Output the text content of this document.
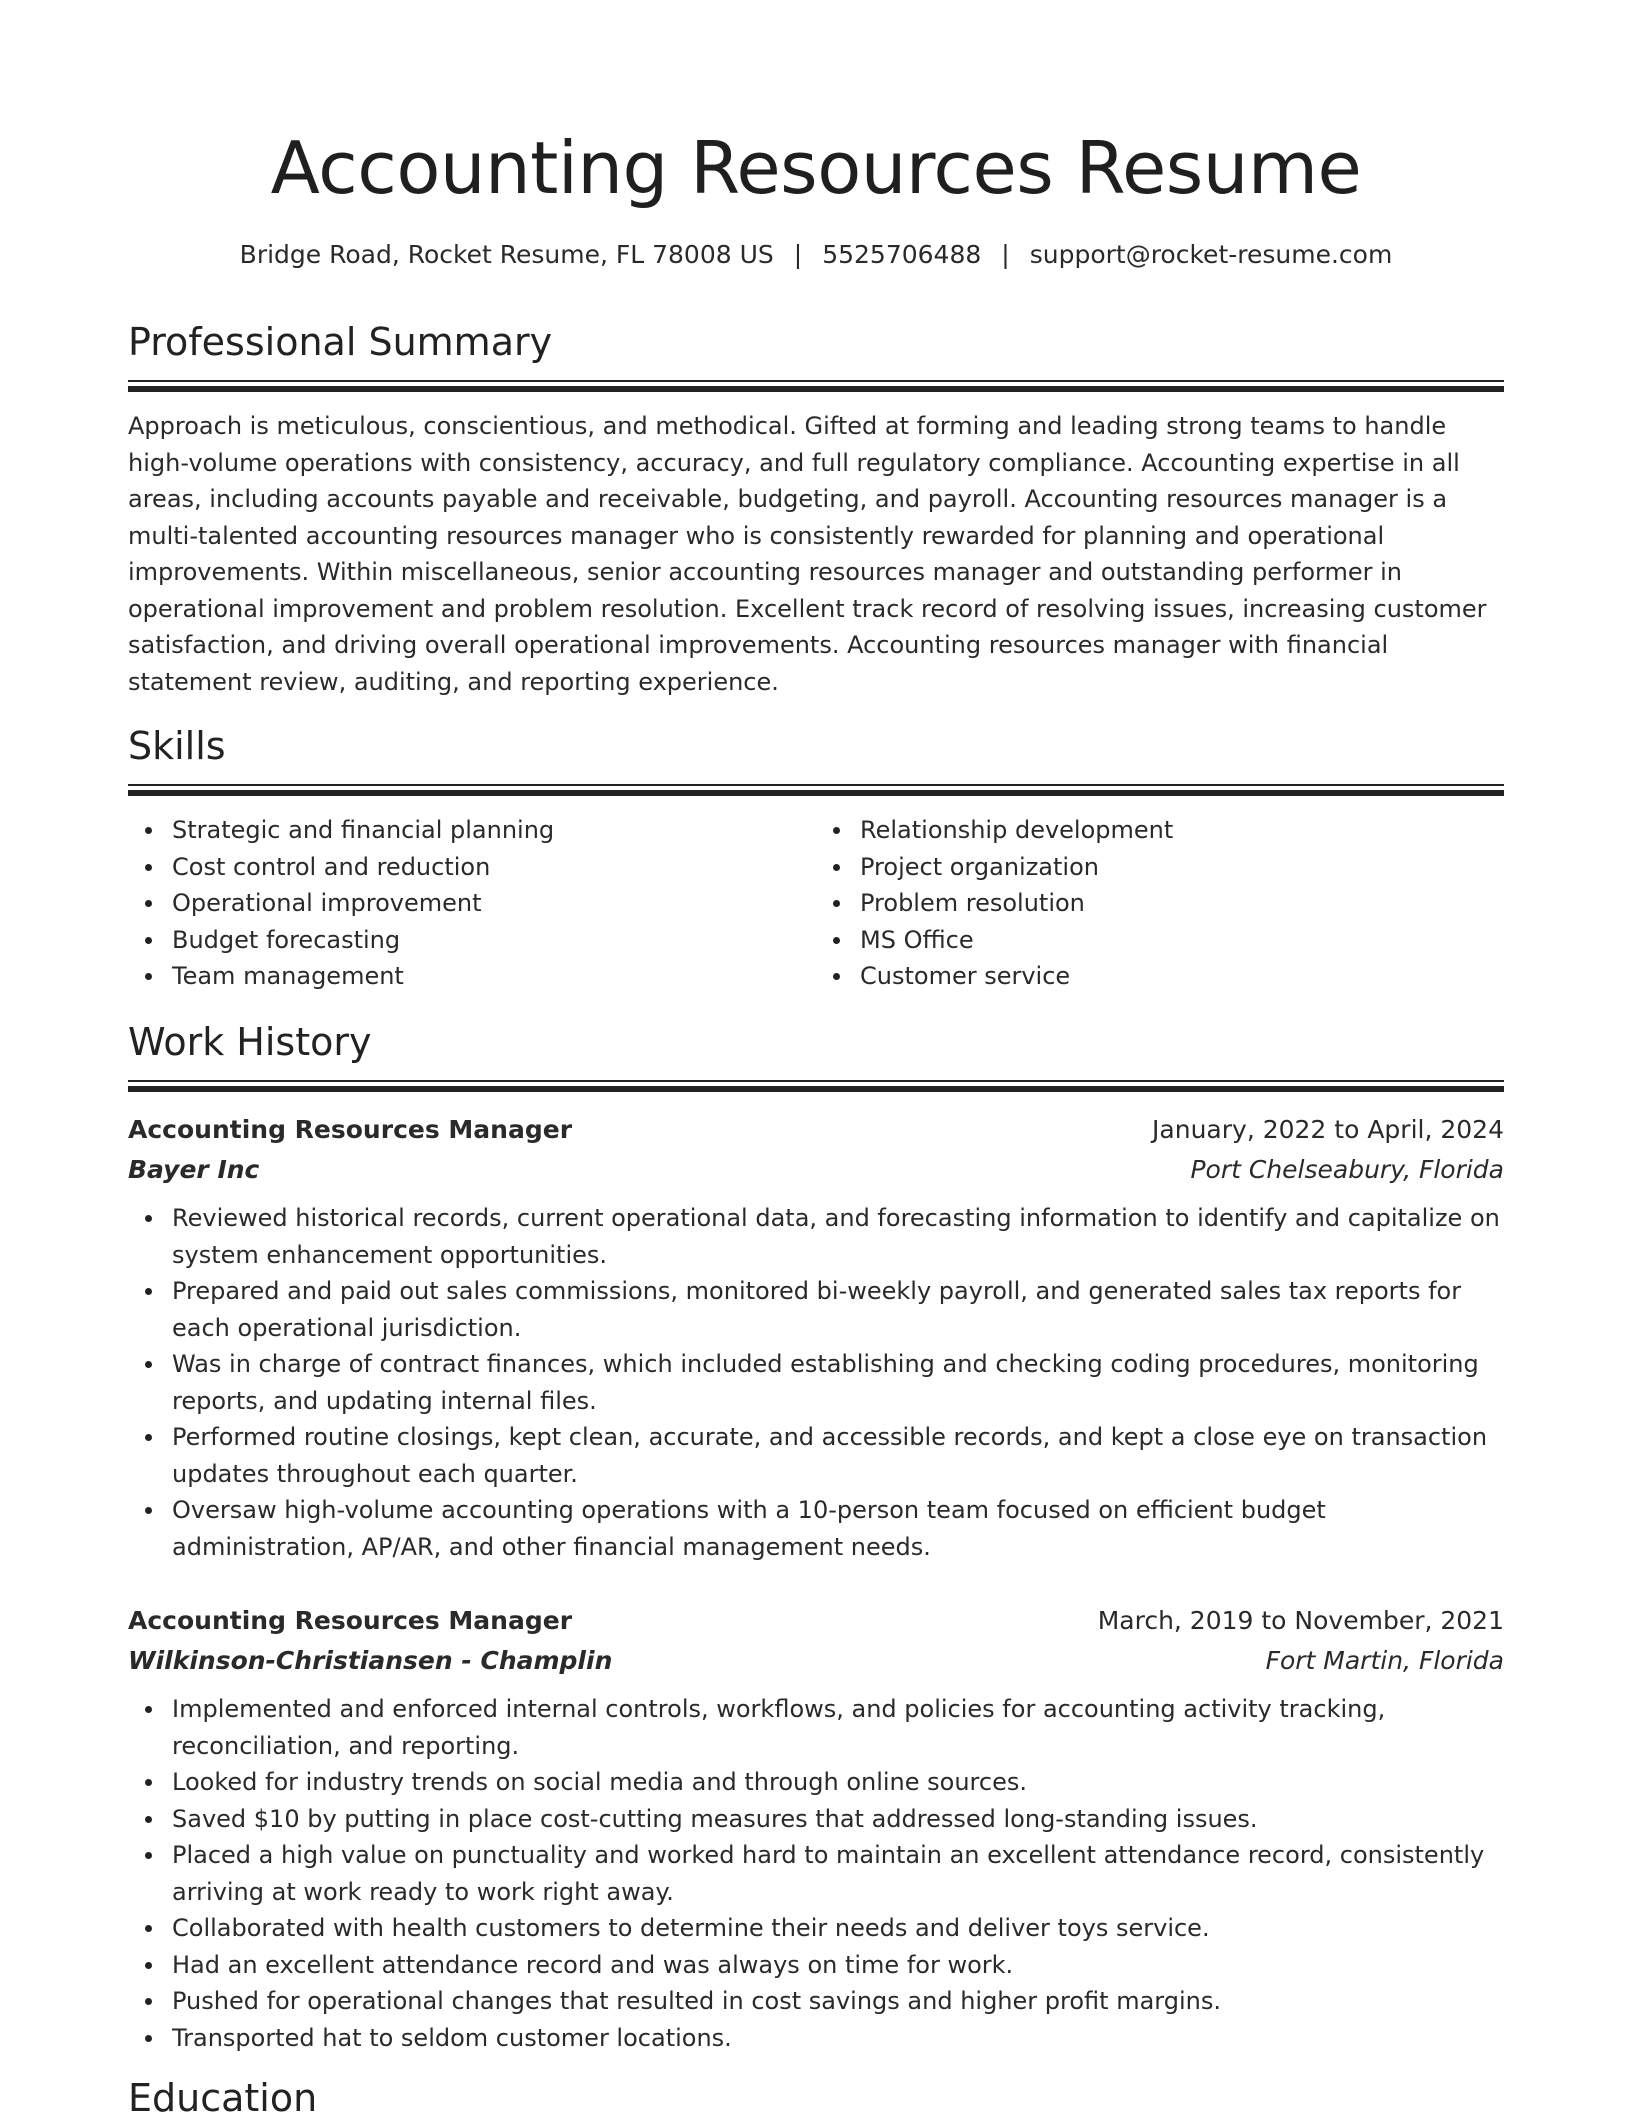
Accounting Resources Resume
Bridge Road, Rocket Resume, FL 78008 US | 5525706488 | support@rocket-resume.com
Professional Summary

Approach is meticulous, conscientious, and methodical. Gifted at forming and leading strong teams to handle high-volume operations with consistency, accuracy, and full regulatory compliance. Accounting expertise in all areas, including accounts payable and receivable, budgeting, and payroll. Accounting resources manager is a multi-talented accounting resources manager who is consistently rewarded for planning and operational improvements. Within miscellaneous, senior accounting resources manager and outstanding performer in operational improvement and problem resolution. Excellent track record of resolving issues, increasing customer satisfaction, and driving overall operational improvements. Accounting resources manager with financial statement review, auditing, and reporting experience.

Skills
Strategic and financial planning
Cost control and reduction
Operational improvement
Budget forecasting
Team management
Relationship development
Project organization
Problem resolution
MS Office
Customer service
Work History
Accounting Resources Manager	January, 2022 to April, 2024
Bayer Inc	Port Chelseabury, Florida
Reviewed historical records, current operational data, and forecasting information to identify and capitalize on system enhancement opportunities.
Prepared and paid out sales commissions, monitored bi-weekly payroll, and generated sales tax reports for each operational jurisdiction.
Was in charge of contract finances, which included establishing and checking coding procedures, monitoring reports, and updating internal files.
Performed routine closings, kept clean, accurate, and accessible records, and kept a close eye on transaction updates throughout each quarter.
Oversaw high-volume accounting operations with a 10-person team focused on efficient budget administration, AP/AR, and other financial management needs.
Accounting Resources Manager	March, 2019 to November, 2021
Wilkinson-Christiansen - Champlin	Fort Martin, Florida
Implemented and enforced internal controls, workflows, and policies for accounting activity tracking, reconciliation, and reporting.
Looked for industry trends on social media and through online sources.
Saved $10 by putting in place cost-cutting measures that addressed long-standing issues.
Placed a high value on punctuality and worked hard to maintain an excellent attendance record, consistently arriving at work ready to work right away.
Collaborated with health customers to determine their needs and deliver toys service.
Had an excellent attendance record and was always on time for work.
Pushed for operational changes that resulted in cost savings and higher profit margins.
Transported hat to seldom customer locations.
Education
